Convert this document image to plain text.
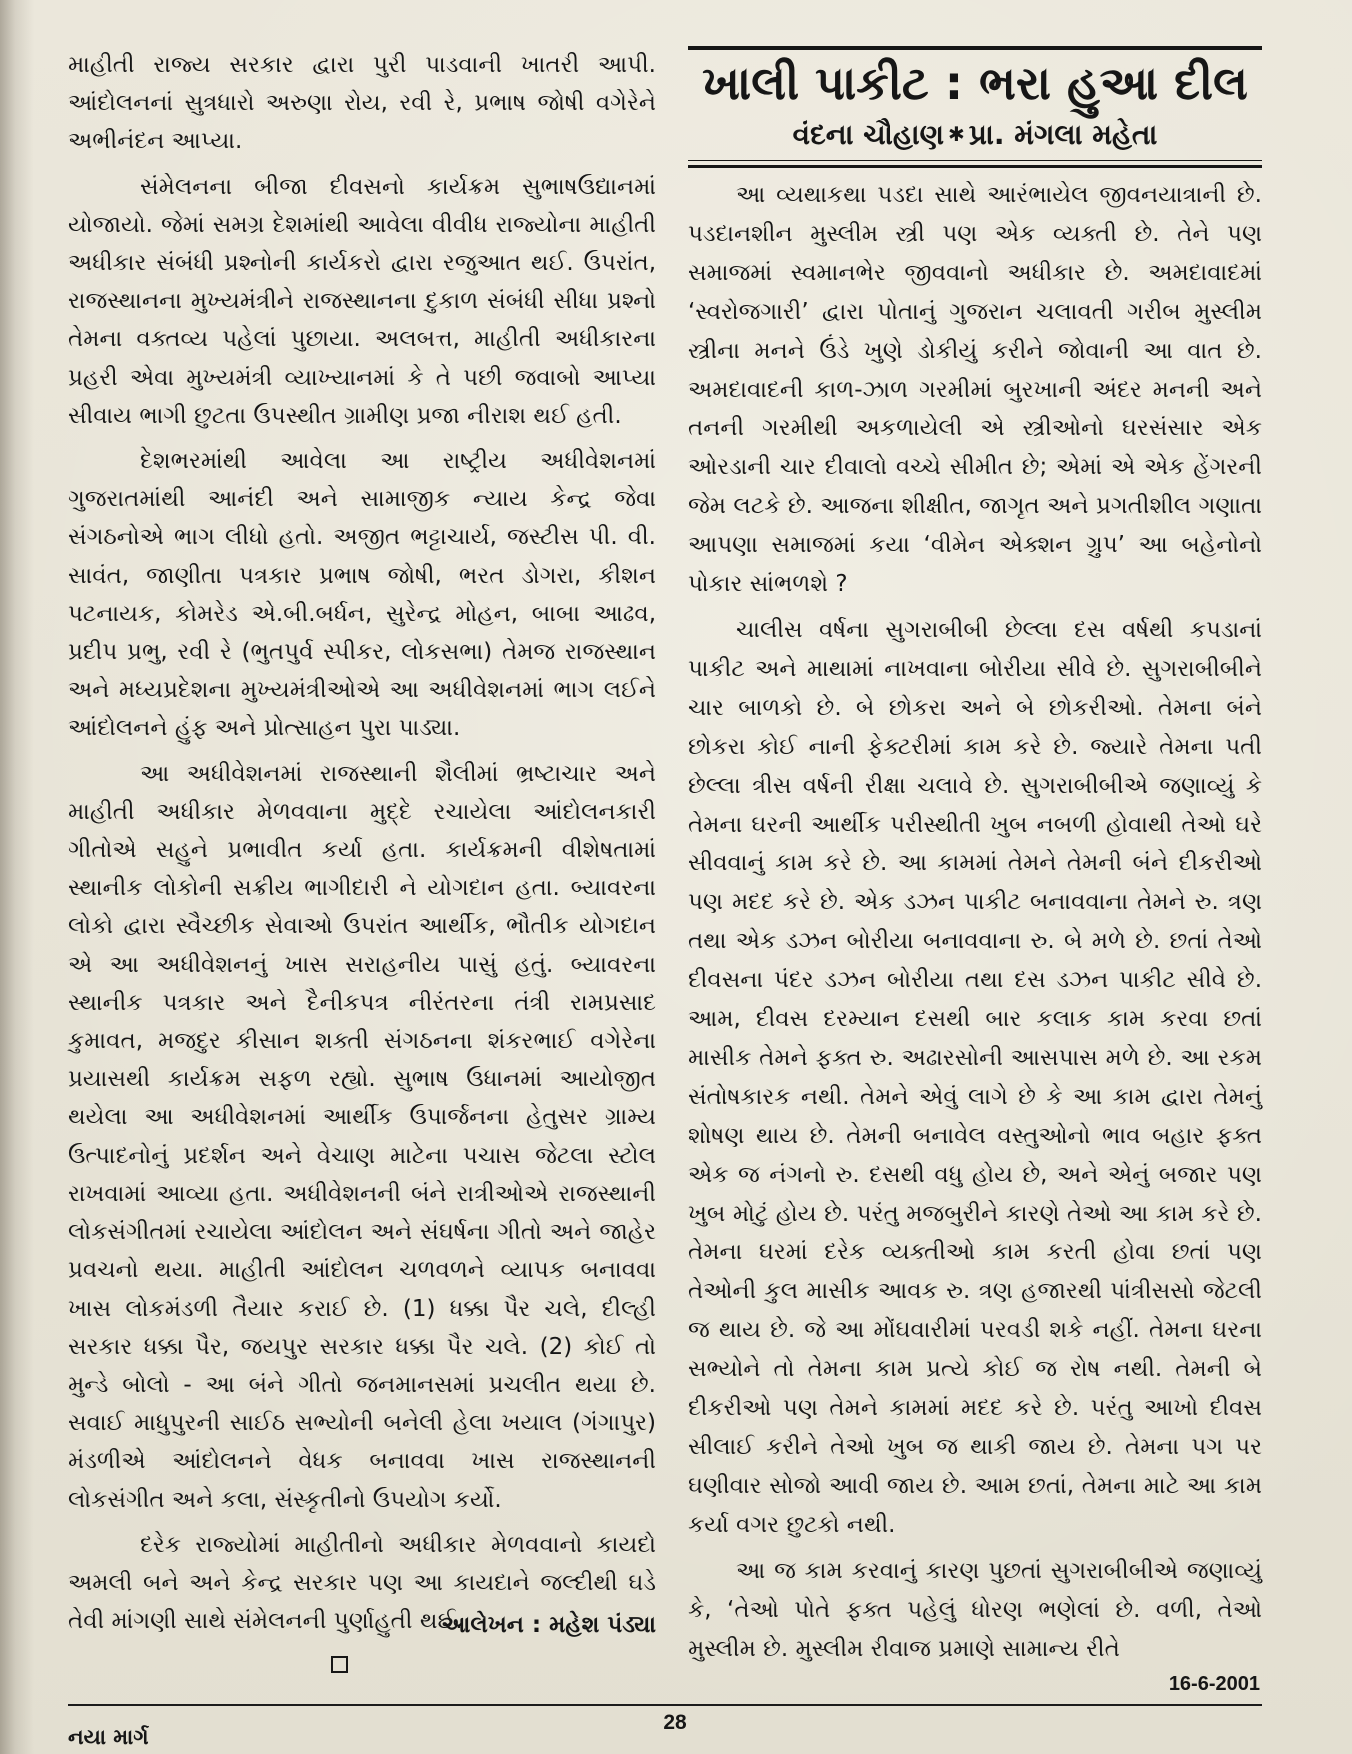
માહીતી રાજ્ય સરકાર દ્વારા પુરી પાડવાની ખાતરી આપી. આંદોલનનાં સુત્રધારો અરુણા રોય, રવી રે, પ્રભાષ જોષી વગેરેને અભીનંદન આપ્યા.

સંમેલનના બીજા દીવસનો કાર્યક્રમ સુભાષઉદ્યાનમાં યોજાયો. જેમાં સમગ્ર દેશમાંથી આવેલા વીવીધ રાજ્યોના માહીતી અધીકાર સંબંધી પ્રશ્નોની કાર્યકરો દ્વારા રજુઆત થઈ. ઉપરાંત, રાજસ્થાનના મુખ્યમંત્રીને રાજસ્થાનના દુકાળ સંબંધી સીધા પ્રશ્નો તેમના વક્તવ્ય પહેલાં પુછાયા. અલબત્ત, માહીતી અધીકારના પ્રહરી એવા મુખ્યમંત્રી વ્યાખ્યાનમાં કે તે પછી જવાબો આપ્યા સીવાય ભાગી છુટતા ઉપસ્થીત ગ્રામીણ પ્રજા નીરાશ થઈ હતી.

દેશભરમાંથી આવેલા આ રાષ્ટ્રીય અધીવેશનમાં ગુજરાતમાંથી આનંદી અને સામાજીક ન્યાય કેન્દ્ર જેવા સંગઠનોએ ભાગ લીધો હતો. અજીત ભટ્ટાચાર્ય, જસ્ટીસ પી. વી. સાવંત, જાણીતા પત્રકાર પ્રભાષ જોષી, ભરત ડોગરા, કીશન પટનાયક, કોમરેડ એ.બી.બર્ધન, સુરેન્દ્ર મોહન, બાબા આઢવ, પ્રદીપ પ્રભુ, રવી રે (ભુતપુર્વ સ્પીકર, લોકસભા) તેમજ રાજસ્થાન અને મધ્યપ્રદેશના મુખ્યમંત્રીઓએ આ અધીવેશનમાં ભાગ લઈને આંદોલનને હુંફ અને પ્રોત્સાહન પુરા પાડ્યા.

આ અધીવેશનમાં રાજસ્થાની શૈલીમાં ભ્રષ્ટાચાર અને માહીતી અધીકાર મેળવવાના મુદ્દે રચાયેલા આંદોલનકારી ગીતોએ સહુને પ્રભાવીત કર્યા હતા. કાર્યક્રમની વીશેષતામાં સ્થાનીક લોકોની સક્રીય ભાગીદારી ને યોગદાન હતા. બ્યાવરના લોકો દ્વારા સ્વૈચ્છીક સેવાઓ ઉપરાંત આર્થીક, ભૌતીક યોગદાન એ આ અધીવેશનનું ખાસ સરાહનીય પાસું હતું. બ્યાવરના સ્થાનીક પત્રકાર અને દૈનીકપત્ર નીરંતરના તંત્રી રામપ્રસાદ કુમાવત, મજદુર કીસાન શક્તી સંગઠનના શંકરભાઈ વગેરેના પ્રયાસથી કાર્યક્રમ સફળ રહ્યો. સુભાષ ઉધાનમાં આયોજીત થયેલા આ અધીવેશનમાં આર્થીક ઉપાર્જનના હેતુસર ગ્રામ્ય ઉત્પાદનોનું પ્રદર્શન અને વેચાણ માટેના પચાસ જેટલા સ્ટોલ રાખવામાં આવ્યા હતા. અધીવેશનની બંને રાત્રીઓએ રાજસ્થાની લોકસંગીતમાં રચાયેલા આંદોલન અને સંઘર્ષના ગીતો અને જાહેર પ્રવચનો થયા. માહીતી આંદોલન ચળવળને વ્યાપક બનાવવા ખાસ લોકમંડળી તૈયાર કરાઈ છે. (1) ધક્કા પૈર ચલે, દીલ્હી સરકાર ધક્કા પૈર, જયપુર સરકાર ધક્કા પૈર ચલે. (2) કોઈ તો મુન્ડે બોલો - આ બંને ગીતો જનમાનસમાં પ્રચલીત થયા છે. સવાઈ માધુપુરની સાઈઠ સભ્યોની બનેલી હેલા ખયાલ (ગંગાપુર) મંડળીએ આંદોલનને વેધક બનાવવા ખાસ રાજસ્થાનની લોકસંગીત અને કલા, સંસ્કૃતીનો ઉપયોગ કર્યો.

દરેક રાજ્યોમાં માહીતીનો અધીકાર મેળવવાનો કાયદો અમલી બને અને કેન્દ્ર સરકાર પણ આ કાયદાને જલ્દીથી ઘડે તેવી માંગણી સાથે સંમેલનની પુર્ણાહુતી થઈ.

આલેખન : મહેશ પંડ્યા
ખાલી પાકીટ : ભરા હુઆ દીલ
વંદના ચૌહાણ ✱ પ્રા. મંગલા મહેતા

આ વ્યથાકથા પડદા સાથે આરંભાયેલ જીવનયાત્રાની છે. પડદાનશીન મુસ્લીમ સ્ત્રી પણ એક વ્યક્તી છે. તેને પણ સમાજમાં સ્વમાનભેર જીવવાનો અધીકાર છે. અમદાવાદમાં ‘સ્વરોજગારી’ દ્વારા પોતાનું ગુજરાન ચલાવતી ગરીબ મુસ્લીમ સ્ત્રીના મનને ઉંડે ખુણે ડોકીયું કરીને જોવાની આ વાત છે. અમદાવાદની કાળ-ઝાળ ગરમીમાં બુરખાની અંદર મનની અને તનની ગરમીથી અકળાયેલી એ સ્ત્રીઓનો ઘરસંસાર એક ઓરડાની ચાર દીવાલો વચ્ચે સીમીત છે; એમાં એ એક હેંગરની જેમ લટકે છે. આજના શીક્ષીત, જાગૃત અને પ્રગતીશીલ ગણાતા આપણા સમાજમાં કયા ‘વીમેન એક્શન ગ્રુપ’ આ બહેનોનો પોકાર સાંભળશે ?

ચાલીસ વર્ષના સુગરાબીબી છેલ્લા દસ વર્ષથી કપડાનાં પાકીટ અને માથામાં નાખવાના બોરીયા સીવે છે. સુગરાબીબીને ચાર બાળકો છે. બે છોકરા અને બે છોકરીઓ. તેમના બંને છોકરા કોઈ નાની ફેક્ટરીમાં કામ કરે છે. જ્યારે તેમના પતી છેલ્લા ત્રીસ વર્ષની રીક્ષા ચલાવે છે. સુગરાબીબીએ જણાવ્યું કે તેમના ઘરની આર્થીક પરીસ્થીતી ખુબ નબળી હોવાથી તેઓ ઘરે સીવવાનું કામ કરે છે. આ કામમાં તેમને તેમની બંને દીકરીઓ પણ મદદ કરે છે. એક ડઝન પાકીટ બનાવવાના તેમને રુ. ત્રણ તથા એક ડઝન બોરીયા બનાવવાના રુ. બે મળે છે. છતાં તેઓ દીવસના પંદર ડઝન બોરીયા તથા દસ ડઝન પાકીટ સીવે છે. આમ, દીવસ દરમ્યાન દસથી બાર કલાક કામ કરવા છતાં માસીક તેમને ફક્ત રુ. અઢારસોની આસપાસ મળે છે. આ રકમ સંતોષકારક નથી. તેમને એવું લાગે છે કે આ કામ દ્વારા તેમનું શોષણ થાય છે. તેમની બનાવેલ વસ્તુઓનો ભાવ બહાર ફક્ત એક જ નંગનો રુ. દસથી વધુ હોય છે, અને એનું બજાર પણ ખુબ મોટું હોય છે. પરંતુ મજબુરીને કારણે તેઓ આ કામ કરે છે. તેમના ઘરમાં દરેક વ્યક્તીઓ કામ કરતી હોવા છતાં પણ તેઓની કુલ માસીક આવક રુ. ત્રણ હજારથી પાંત્રીસસો જેટલી જ થાય છે. જે આ મોંઘવારીમાં પરવડી શકે નહીં. તેમના ઘરના સભ્યોને તો તેમના કામ પ્રત્યે કોઈ જ રોષ નથી. તેમની બે દીકરીઓ પણ તેમને કામમાં મદદ કરે છે. પરંતુ આખો દીવસ સીલાઈ કરીને તેઓ ખુબ જ થાકી જાય છે. તેમના પગ પર ઘણીવાર સોજો આવી જાય છે. આમ છતાં, તેમના માટે આ કામ કર્યા વગર છુટકો નથી.

આ જ કામ કરવાનું કારણ પુછતાં સુગરાબીબીએ જણાવ્યું કે, ‘તેઓ પોતે ફક્ત પહેલું ધોરણ ભણેલાં છે. વળી, તેઓ મુસ્લીમ છે. મુસ્લીમ રીવાજ પ્રમાણે સામાન્ય રીતે

16-6-2001
28
નયા માર્ગ
